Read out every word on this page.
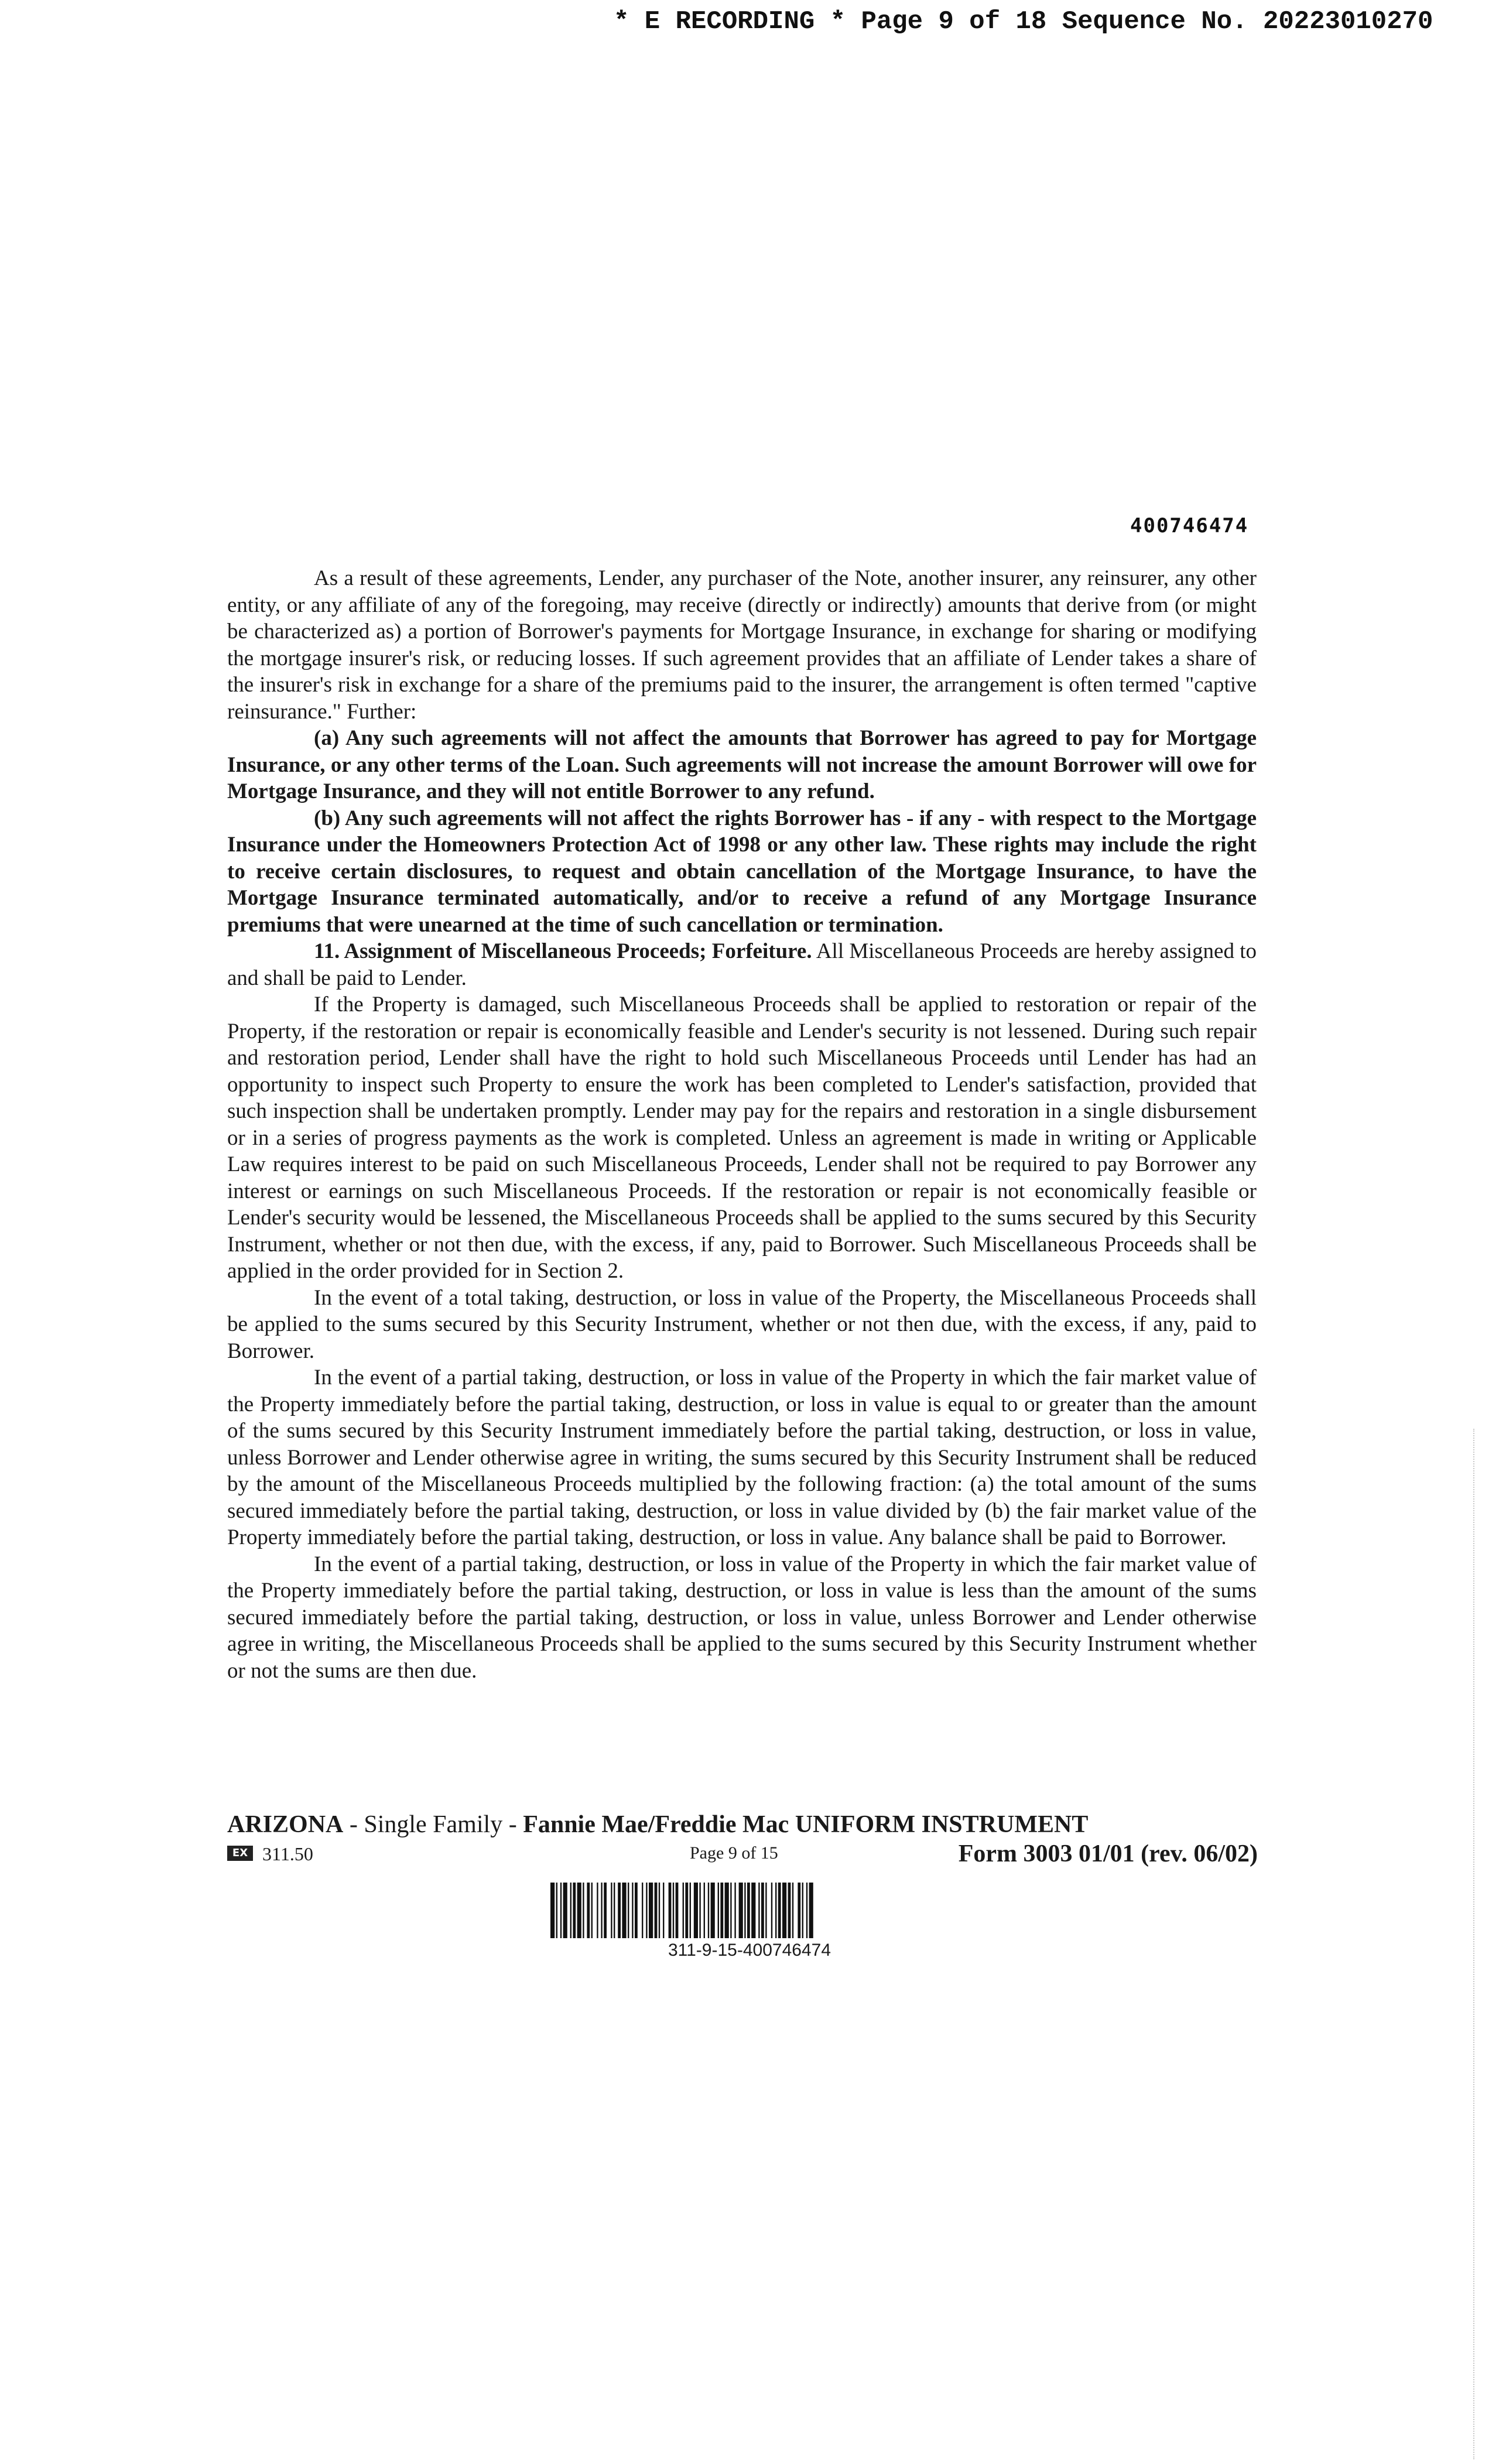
* E RECORDING * Page 9 of 18 Sequence No. 20223010270
400746474

As a result of these agreements, Lender, any purchaser of the Note, another insurer, any reinsurer, any other entity, or any affiliate of any of the foregoing, may receive (directly or indirectly) amounts that derive from (or might be characterized as) a portion of Borrower's payments for Mortgage Insurance, in exchange for sharing or modifying the mortgage insurer's risk, or reducing losses. If such agreement provides that an affiliate of Lender takes a share of the insurer's risk in exchange for a share of the premiums paid to the insurer, the arrangement is often termed "captive reinsurance." Further:

(a) Any such agreements will not affect the amounts that Borrower has agreed to pay for Mortgage Insurance, or any other terms of the Loan. Such agreements will not increase the amount Borrower will owe for Mortgage Insurance, and they will not entitle Borrower to any refund.

(b) Any such agreements will not affect the rights Borrower has - if any - with respect to the Mortgage Insurance under the Homeowners Protection Act of 1998 or any other law. These rights may include the right to receive certain disclosures, to request and obtain cancellation of the Mortgage Insurance, to have the Mortgage Insurance terminated automatically, and/or to receive a refund of any Mortgage Insurance premiums that were unearned at the time of such cancellation or termination.

11. Assignment of Miscellaneous Proceeds; Forfeiture. All Miscellaneous Proceeds are hereby assigned to and shall be paid to Lender.

If the Property is damaged, such Miscellaneous Proceeds shall be applied to restoration or repair of the Property, if the restoration or repair is economically feasible and Lender's security is not lessened. During such repair and restoration period, Lender shall have the right to hold such Miscellaneous Proceeds until Lender has had an opportunity to inspect such Property to ensure the work has been completed to Lender's satisfaction, provided that such inspection shall be undertaken promptly. Lender may pay for the repairs and restoration in a single disbursement or in a series of progress payments as the work is completed. Unless an agreement is made in writing or Applicable Law requires interest to be paid on such Miscellaneous Proceeds, Lender shall not be required to pay Borrower any interest or earnings on such Miscellaneous Proceeds. If the restoration or repair is not economically feasible or Lender's security would be lessened, the Miscellaneous Proceeds shall be applied to the sums secured by this Security Instrument, whether or not then due, with the excess, if any, paid to Borrower. Such Miscellaneous Proceeds shall be applied in the order provided for in Section 2.

In the event of a total taking, destruction, or loss in value of the Property, the Miscellaneous Proceeds shall be applied to the sums secured by this Security Instrument, whether or not then due, with the excess, if any, paid to Borrower.

In the event of a partial taking, destruction, or loss in value of the Property in which the fair market value of the Property immediately before the partial taking, destruction, or loss in value is equal to or greater than the amount of the sums secured by this Security Instrument immediately before the partial taking, destruction, or loss in value, unless Borrower and Lender otherwise agree in writing, the sums secured by this Security Instrument shall be reduced by the amount of the Miscellaneous Proceeds multiplied by the following fraction: (a) the total amount of the sums secured immediately before the partial taking, destruction, or loss in value divided by (b) the fair market value of the Property immediately before the partial taking, destruction, or loss in value. Any balance shall be paid to Borrower.

In the event of a partial taking, destruction, or loss in value of the Property in which the fair market value of the Property immediately before the partial taking, destruction, or loss in value is less than the amount of the sums secured immediately before the partial taking, destruction, or loss in value, unless Borrower and Lender otherwise agree in writing, the Miscellaneous Proceeds shall be applied to the sums secured by this Security Instrument whether or not the sums are then due.

ARIZONA - Single Family - Fannie Mae/Freddie Mac UNIFORM INSTRUMENT
EX 311.50	Page 9 of 15	Form 3003 01/01 (rev. 06/02)
311-9-15-400746474
